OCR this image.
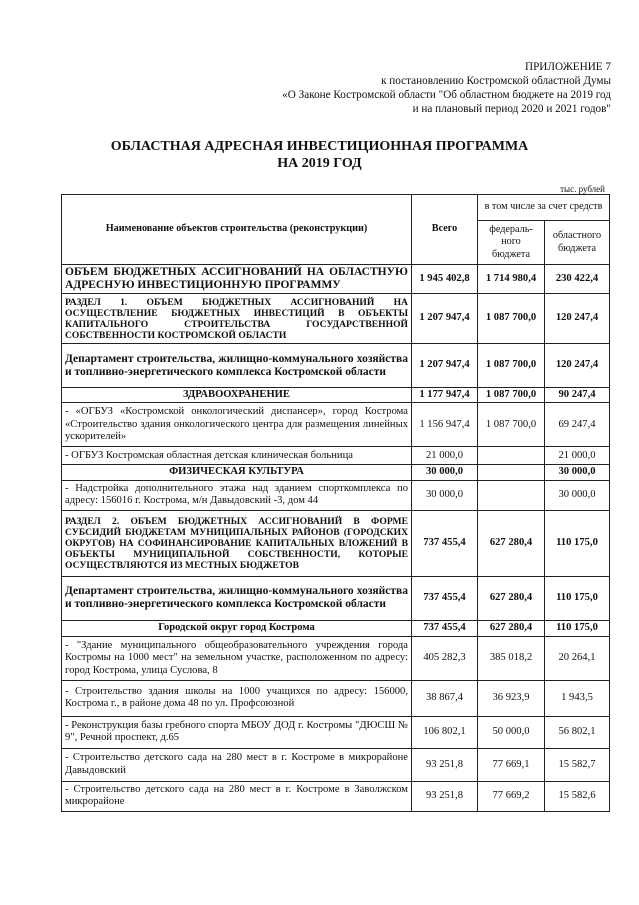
ПРИЛОЖЕНИЕ 7
к постановлению Костромской областной Думы
«О Законе Костромской области "Об областном бюджете на 2019 год
и на плановый период 2020 и 2021 годов"
ОБЛАСТНАЯ АДРЕСНАЯ ИНВЕСТИЦИОННАЯ ПРОГРАММА
НА 2019 ГОД
тыс. рублей
Наименование объектов строительства (реконструкции)	Всего	в том числе за счет средств	
		федераль-ного бюджета	областного бюджета
ОБЪЕМ БЮДЖЕТНЫХ АССИГНОВАНИЙ НА ОБЛАСТНУЮ АДРЕСНУЮ ИНВЕСТИЦИОННУЮ ПРОГРАММУ	1 945 402,8	1 714 980,4	230 422,4
РАЗДЕЛ 1. ОБЪЕМ БЮДЖЕТНЫХ АССИГНОВАНИЙ НА ОСУЩЕСТВЛЕНИЕ БЮДЖЕТНЫХ ИНВЕСТИЦИЙ В ОБЪЕКТЫ КАПИТАЛЬНОГО СТРОИТЕЛЬСТВА ГОСУДАРСТВЕННОЙ СОБСТВЕННОСТИ КОСТРОМСКОЙ ОБЛАСТИ	1 207 947,4	1 087 700,0	120 247,4
Департамент строительства, жилищно-коммунального хозяйства и топливно-энергетического комплекса Костромской области	1 207 947,4	1 087 700,0	120 247,4
ЗДРАВООХРАНЕНИЕ	1 177 947,4	1 087 700,0	90 247,4
- «ОГБУЗ «Костромской онкологический диспансер», город Кострома «Строительство здания онкологического центра для размещения линейных ускорителей»	1 156 947,4	1 087 700,0	69 247,4
- ОГБУЗ Костромская областная детская клиническая больница	21 000,0		21 000,0
ФИЗИЧЕСКАЯ КУЛЬТУРА	30 000,0		30 000,0
- Надстройка дополнительного этажа над зданием спорткомплекса по адресу: 156016 г. Кострома, м/н Давыдовский -3, дом 44	30 000,0		30 000,0
РАЗДЕЛ 2. ОБЪЕМ БЮДЖЕТНЫХ АССИГНОВАНИЙ В ФОРМЕ СУБСИДИЙ БЮДЖЕТАМ МУНИЦИПАЛЬНЫХ РАЙОНОВ (ГОРОДСКИХ ОКРУГОВ) НА СОФИНАНСИРОВАНИЕ КАПИТАЛЬНЫХ ВЛОЖЕНИЙ В ОБЪЕКТЫ МУНИЦИПАЛЬНОЙ СОБСТВЕННОСТИ, КОТОРЫЕ ОСУЩЕСТВЛЯЮТСЯ ИЗ МЕСТНЫХ БЮДЖЕТОВ	737 455,4	627 280,4	110 175,0
Департамент строительства, жилищно-коммунального хозяйства и топливно-энергетического комплекса Костромской области	737 455,4	627 280,4	110 175,0
Городской округ город Кострома	737 455,4	627 280,4	110 175,0
- "Здание муниципального общеобразовательного учреждения города Костромы на 1000 мест" на земельном участке, расположенном по адресу: город Кострома, улица Суслова, 8	405 282,3	385 018,2	20 264,1
- Строительство здания школы на 1000 учащихся по адресу: 156000, Кострома г., в районе дома 48 по ул. Профсоюзной	38 867,4	36 923,9	1 943,5
- Реконструкция базы гребного спорта МБОУ ДОД г. Костромы "ДЮСШ № 9", Речной проспект, д.65	106 802,1	50 000,0	56 802,1
- Строительство детского сада на 280 мест в г. Костроме в микрорайоне Давыдовский	93 251,8	77 669,1	15 582,7
- Строительство детского сада на 280 мест в г. Костроме в Заволжском микрорайоне	93 251,8	77 669,2	15 582,6
